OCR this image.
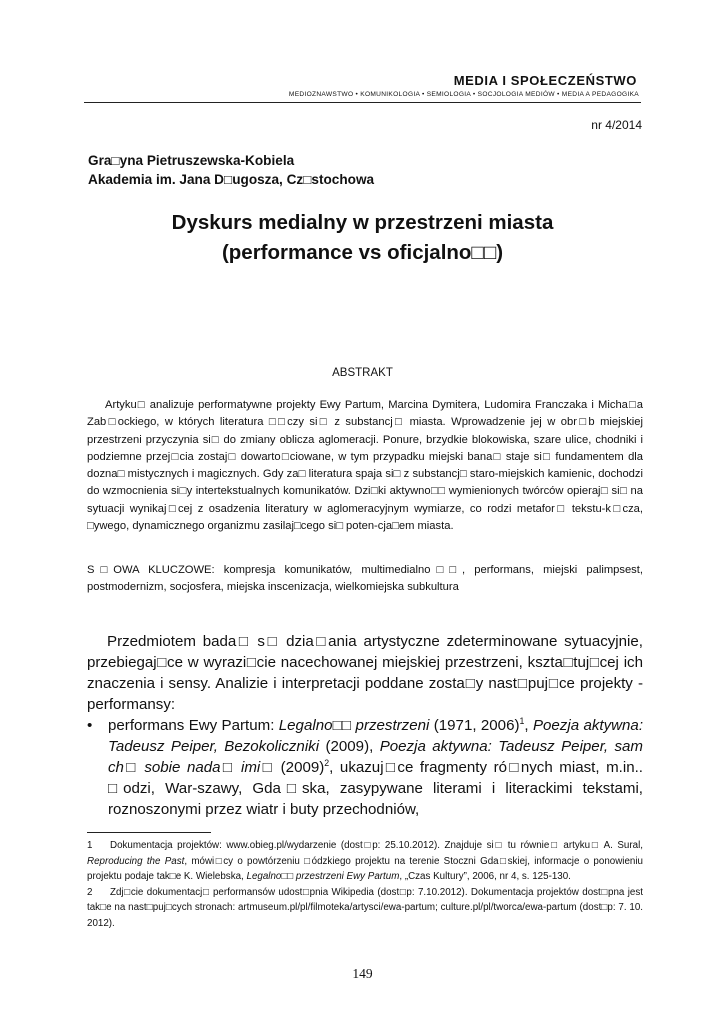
MEDIA I SPOŁECZEŃSTWO
MEDIOZNAWSTWO • KOMUNIKOLOGIA • SEMIOLOGIA • SOCJOLOGIA MEDIÓW • MEDIA A PEDAGOGIKA
nr 4/2014
Gra□yna Pietruszewska-Kobiela
Akademia im. Jana D□ugosza, Cz□stochowa
Dyskurs medialny w przestrzeni miasta
(performance vs oficjalno□□)
ABSTRAKT
Artyku□ analizuje performatywne projekty Ewy Partum, Marcina Dymitera, Ludomira Franczaka i Micha□a Zab□ockiego, w których literatura □□czy si□ z substancj□ miasta. Wprowadzenie jej w obr□b miejskiej przestrzeni przyczynia si□ do zmiany oblicza aglomeracji. Ponure, brzydkie blokowiska, szare ulice, chodniki i podziemne przej□cia zostaj□ dowarto□ciowane, w tym przypadku miejski bana□ staje si□ fundamentem dla dozna□ mistycznych i magicznych. Gdy za□ literatura spaja si□ z substancj□ staro-miejskich kamienic, dochodzi do wzmocnienia si□y intertekstualnych komunikatów. Dzi□ki aktywno□□ wymienionych twórców opieraj□ si□ na sytuacji wynikaj□cej z osadzenia literatury w aglomeracyjnym wymiarze, co rodzi metafor□ tekstu-k□cza, □ywego, dynamicznego organizmu zasilaj□cego si□ poten-cja□em miasta.
S□OWA KLUCZOWE: kompresja komunikatów, multimedialno□□, performans, miejski palimpsest, postmodernizm, socjosfera, miejska inscenizacja, wielkomiejska subkultura
Przedmiotem bada□ s□ dzia□ania artystyczne zdeterminowane sytuacyjnie, przebiegaj□ce w wyrazi□cie nacechowanej miejskiej przestrzeni, kszta□tuj□cej ich znaczenia i sensy. Analizie i interpretacji poddane zosta□y nast□puj□ce projekty - performansy:
• performans Ewy Partum: Legalno□□ przestrzeni (1971, 2006)$^1$, Poezja aktywna: Tadeusz Peiper, Bezokoliczniki (2009), Poezja aktywna: Tadeusz Peiper, sam ch□ sobie nada□ imi□ $(2009)^2$, ukazuj□ce fragmenty ró□nych miast, m.in.. □odzi, War-szawy, Gda□ska, zasypywane literami i literackimi tekstami, roznoszonymi przez wiatr i buty przechodniów,
1 Dokumentacja projektów: www.obieg.pl/wydarzenie (dost□p: 25.10.2012). Znajduje si□ tu równie□ artyku□ A. Sural, Reproducing the Past, mówi□cy o powtórzeniu □ódzkiego projektu na terenie Stoczni Gda□skiej, informacje o ponowieniu projektu podaje tak□e K. Wielebska, Legalno□□ przestrzeni Ewy Partum, „Czas Kultury”, 2006, nr 4, s. 125-130.
2 Zdj□cie dokumentacj□ performansów udost□pnia Wikipedia (dost□p: 7.10.2012). Dokumentacja projektów dost□pna jest tak□e na nast□puj□cych stronach: artmuseum.pl/pl/filmoteka/artysci/ewa-partum; culture.pl/pl/tworca/ewa-partum (dost□p: 7. 10. 2012).
149
